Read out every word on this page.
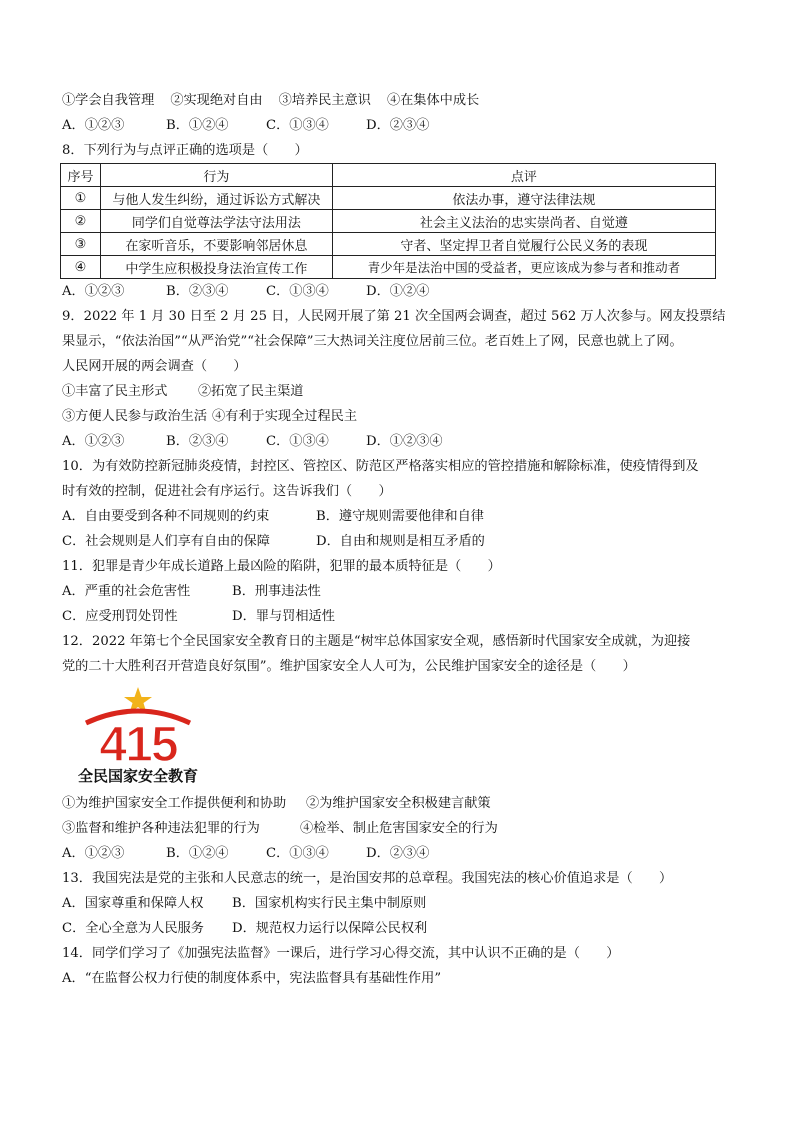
①学会自我管理 ②实现绝对自由 ③培养民主意识 ④在集体中成长
A．①②③	B．①②④	C．①③④	D．②③④
8．下列行为与点评正确的选项是（　　）
序号	行为	点评
①	与他人发生纠纷，通过诉讼方式解决	依法办事，遵守法律法规
②	同学们自觉尊法学法守法用法	社会主义法治的忠实崇尚者、自觉遵
③	在家听音乐，不要影响邻居休息	守者、坚定捍卫者自觉履行公民义务的表现
④	中学生应积极投身法治宣传工作	青少年是法治中国的受益者，更应该成为参与者和推动者
A．①②③	B．②③④	C．①③④	D．①②④
9．2022 年 1 月 30 日至 2 月 25 日，人民网开展了第 21 次全国两会调查，超过 562 万人次参与。网友投票结
果显示，“依法治国”“从严治党”“社会保障”三大热词关注度位居前三位。老百姓上了网，民意也就上了网。
人民网开展的两会调查（　　）
①丰富了民主形式 ②拓宽了民主渠道
③方便人民参与政治生活 ④有利于实现全过程民主
A．①②③	B．②③④	C．①③④	D．①②③④
10．为有效防控新冠肺炎疫情，封控区、管控区、防范区严格落实相应的管控措施和解除标准，使疫情得到及
时有效的控制，促进社会有序运行。这告诉我们（　　）
A．自由要受到各种不同规则的约束	B．遵守规则需要他律和自律
C．社会规则是人们享有自由的保障	D．自由和规则是相互矛盾的
11．犯罪是青少年成长道路上最凶险的陷阱，犯罪的最本质特征是（　　）
A．严重的社会危害性	B．刑事违法性
C．应受刑罚处罚性	D．罪与罚相适性
12．2022 年第七个全民国家安全教育日的主题是“树牢总体国家安全观，感悟新时代国家安全成就，为迎接
党的二十大胜利召开营造良好氛围”。维护国家安全人人可为，公民维护国家安全的途径是（　　）
415
全民国家安全教育
①为维护国家安全工作提供便利和协助 ②为维护国家安全积极建言献策
③监督和维护各种违法犯罪的行为	④检举、制止危害国家安全的行为
A．①②③	B．①②④	C．①③④	D．②③④
13．我国宪法是党的主张和人民意志的统一，是治国安邦的总章程。我国宪法的核心价值追求是（　　）
A．国家尊重和保障人权 B．国家机构实行民主集中制原则
C．全心全意为人民服务 D．规范权力运行以保障公民权利
14．同学们学习了《加强宪法监督》一课后，进行学习心得交流，其中认识不正确的是（　　）
A．“在监督公权力行使的制度体系中，宪法监督具有基础性作用”
